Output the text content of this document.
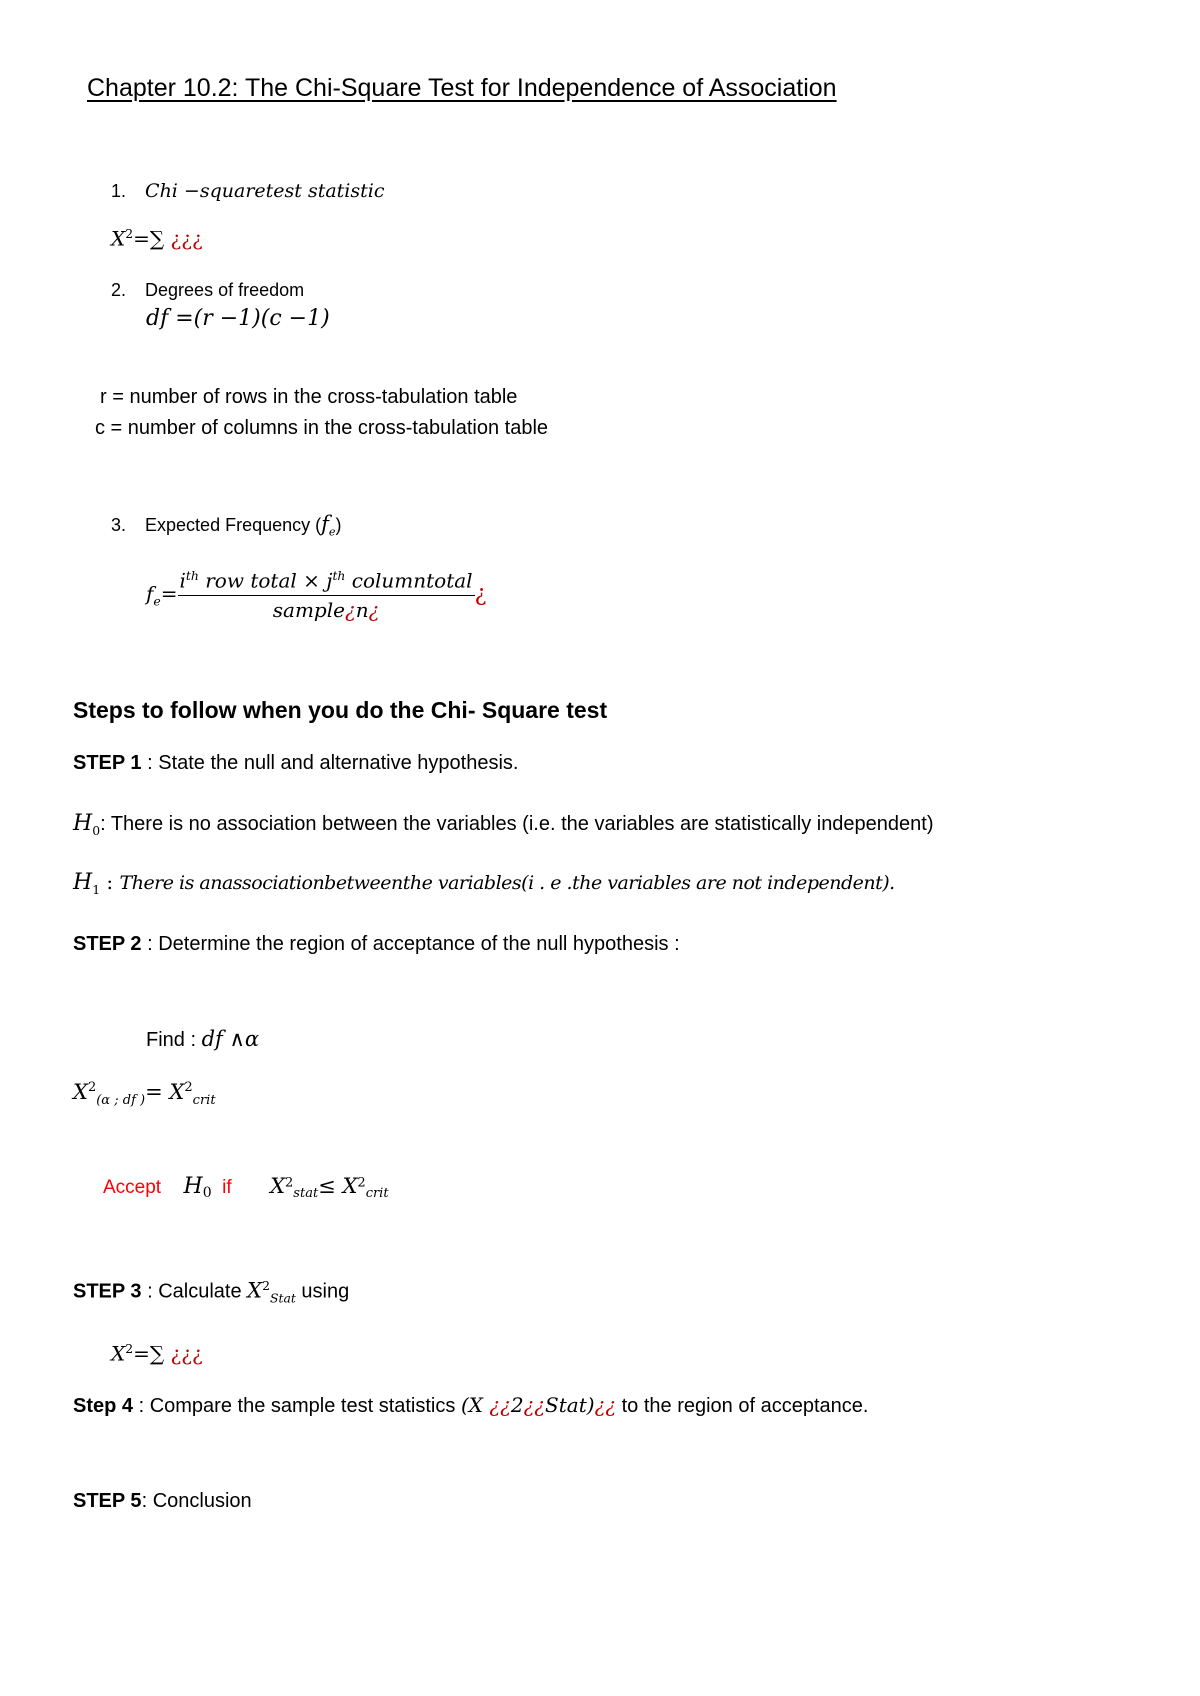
Chapter 10.2: The Chi-Square Test for Independence of Association
1. Chi −squaretest statistic
$X^2=\sum$ ¿¿¿
2. Degrees of freedom
df =(r −1)(c −1)
r = number of rows in the cross-tabulation table
c = number of columns in the cross-tabulation table
3. Expected Frequency $(f_e)$
$f_e= \frac{i^{th} row total \times j^{th} columntotal}{\text{sample¿n¿}}$ ¿
Steps to follow when you do the Chi- Square test
STEP 1 : State the null and alternative hypothesis.
$H_0$: There is no association between the variables (i.e. the variables are statistically independent)
$H_1$ : There is anassociationbetweenthe variables(i . e .the variables are not independent).
STEP 2 : Determine the region of acceptance of the null hypothesis :
Find : df ∧α
$X^2_{(\alpha ; df )}= X^2_{crit}$
Accept $H_0$ if $X^2_{stat}\le X^2_{crit}$
STEP 3 : Calculate $X^2_{Stat}$ using
$X^2=\sum$ ¿¿¿
Step 4 : Compare the sample test statistics (X ¿¿2¿¿Stat)¿¿ to the region of acceptance.
STEP 5: Conclusion
